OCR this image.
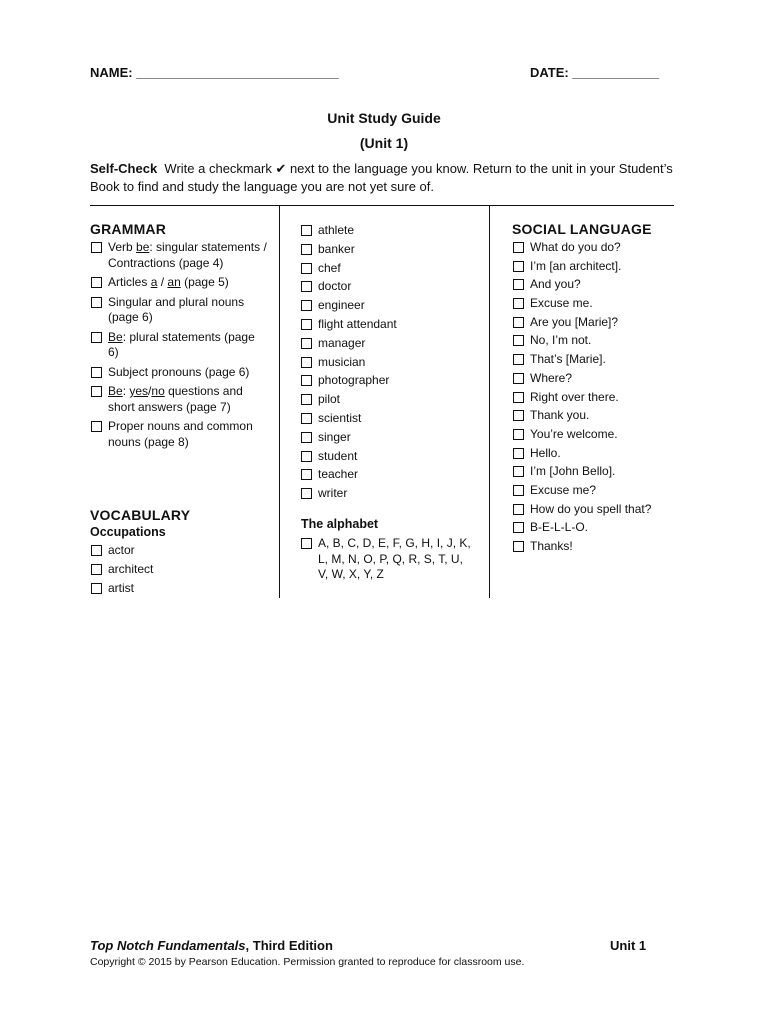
NAME: ____________________________	DATE: ____________
Unit Study Guide
(Unit 1)
Self-Check  Write a checkmark ✔ next to the language you know. Return to the unit in your Student’s Book to find and study the language you are not yet sure of.
GRAMMAR
Verb be: singular statements / Contractions (page 4)
Articles a / an (page 5)
Singular and plural nouns (page 6)
Be: plural statements (page 6)
Subject pronouns (page 6)
Be: yes/no questions and short answers (page 7)
Proper nouns and common nouns (page 8)
VOCABULARY
Occupations
actor
architect
artist
athlete
banker
chef
doctor
engineer
flight attendant
manager
musician
photographer
pilot
scientist
singer
student
teacher
writer
The alphabet
A, B, C, D, E, F, G, H, I, J, K, L, M, N, O, P, Q, R, S, T, U, V, W, X, Y, Z
SOCIAL LANGUAGE
What do you do?
I’m [an architect].
And you?
Excuse me.
Are you [Marie]?
No, I’m not.
That’s [Marie].
Where?
Right over there.
Thank you.
You’re welcome.
Hello.
I’m [John Bello].
Excuse me?
How do you spell that?
B-E-L-L-O.
Thanks!
Top Notch Fundamentals, Third Edition	Unit 1
Copyright © 2015 by Pearson Education. Permission granted to reproduce for classroom use.
